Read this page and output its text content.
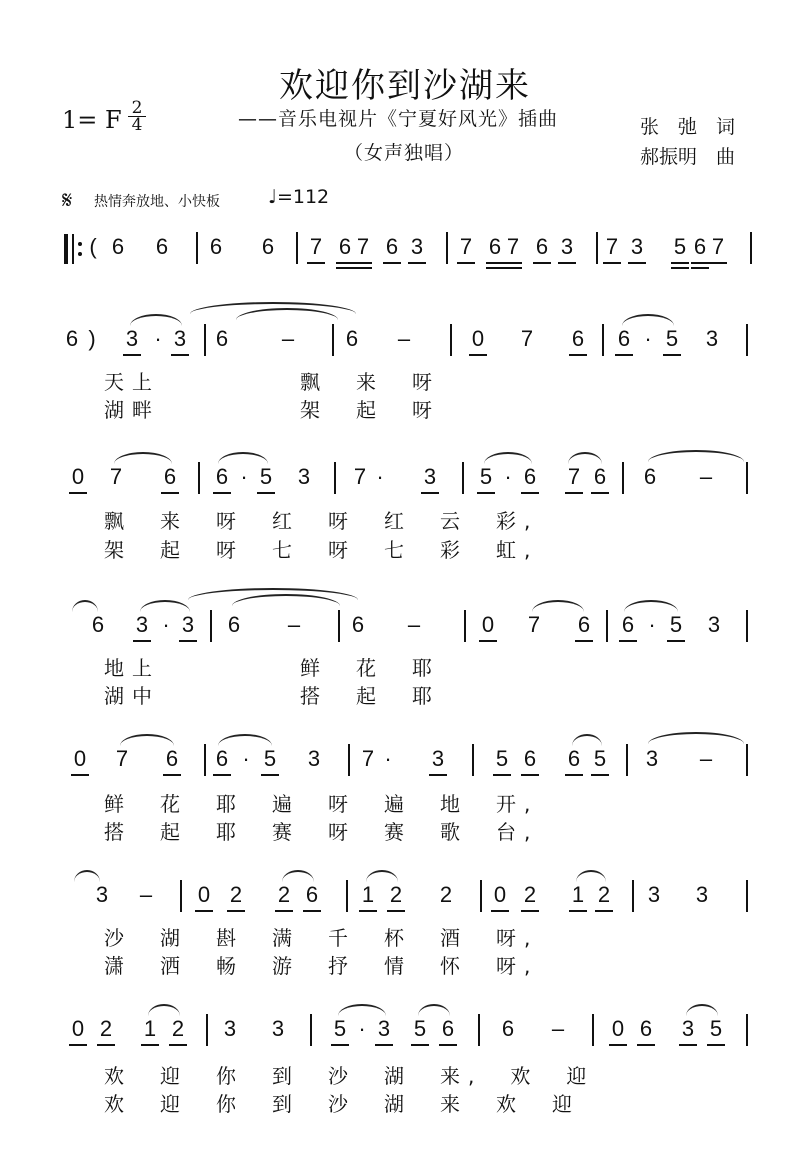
欢迎你到沙湖来
1= F 2
4	——音乐电视片《宁夏好风光》插曲
（女声独唱）
张　弛　词
郝振明　曲
𝄋 热情奔放地、小快板	♩=112
( 6 6 6 6 7 6 7 6 3 7 6 7 6 3 7 3 5 6 7
6 ) 3 · 3 6 – 6 –	0 7 6 6 · 5 3
0 7 6 6 · 5 3 7 · 3 5 · 6 7 6 6 –
6 3 · 3 6 – 6 –	0 7 6 6 · 5 3
0 7 6 6 · 5 3 7 · 3 5 6 6 5 3 –
3 – 0 2 2 6 1 2 2 0 2 1 2 3 3
0 2 1 2 3 3 5 · 3 5 6 6 – 0 6 3 5
天上　　　　　飘　来　呀
湖畔　　　　　架　起　呀
飘　来　呀　红　呀　红　云　彩,
架　起　呀　七　呀　七　彩　虹,
地上　　　　　鲜　花　耶
湖中　　　　　搭　起　耶
鲜　花　耶　遍　呀　遍　地　开,
搭　起　耶　赛　呀　赛　歌　台,
沙　湖　斟　满　千　杯　酒　呀,
潇　洒　畅　游　抒　情　怀　呀,
欢　迎　你　到　沙　湖　来,　欢　迎
欢　迎　你　到　沙　湖　来　欢　迎
